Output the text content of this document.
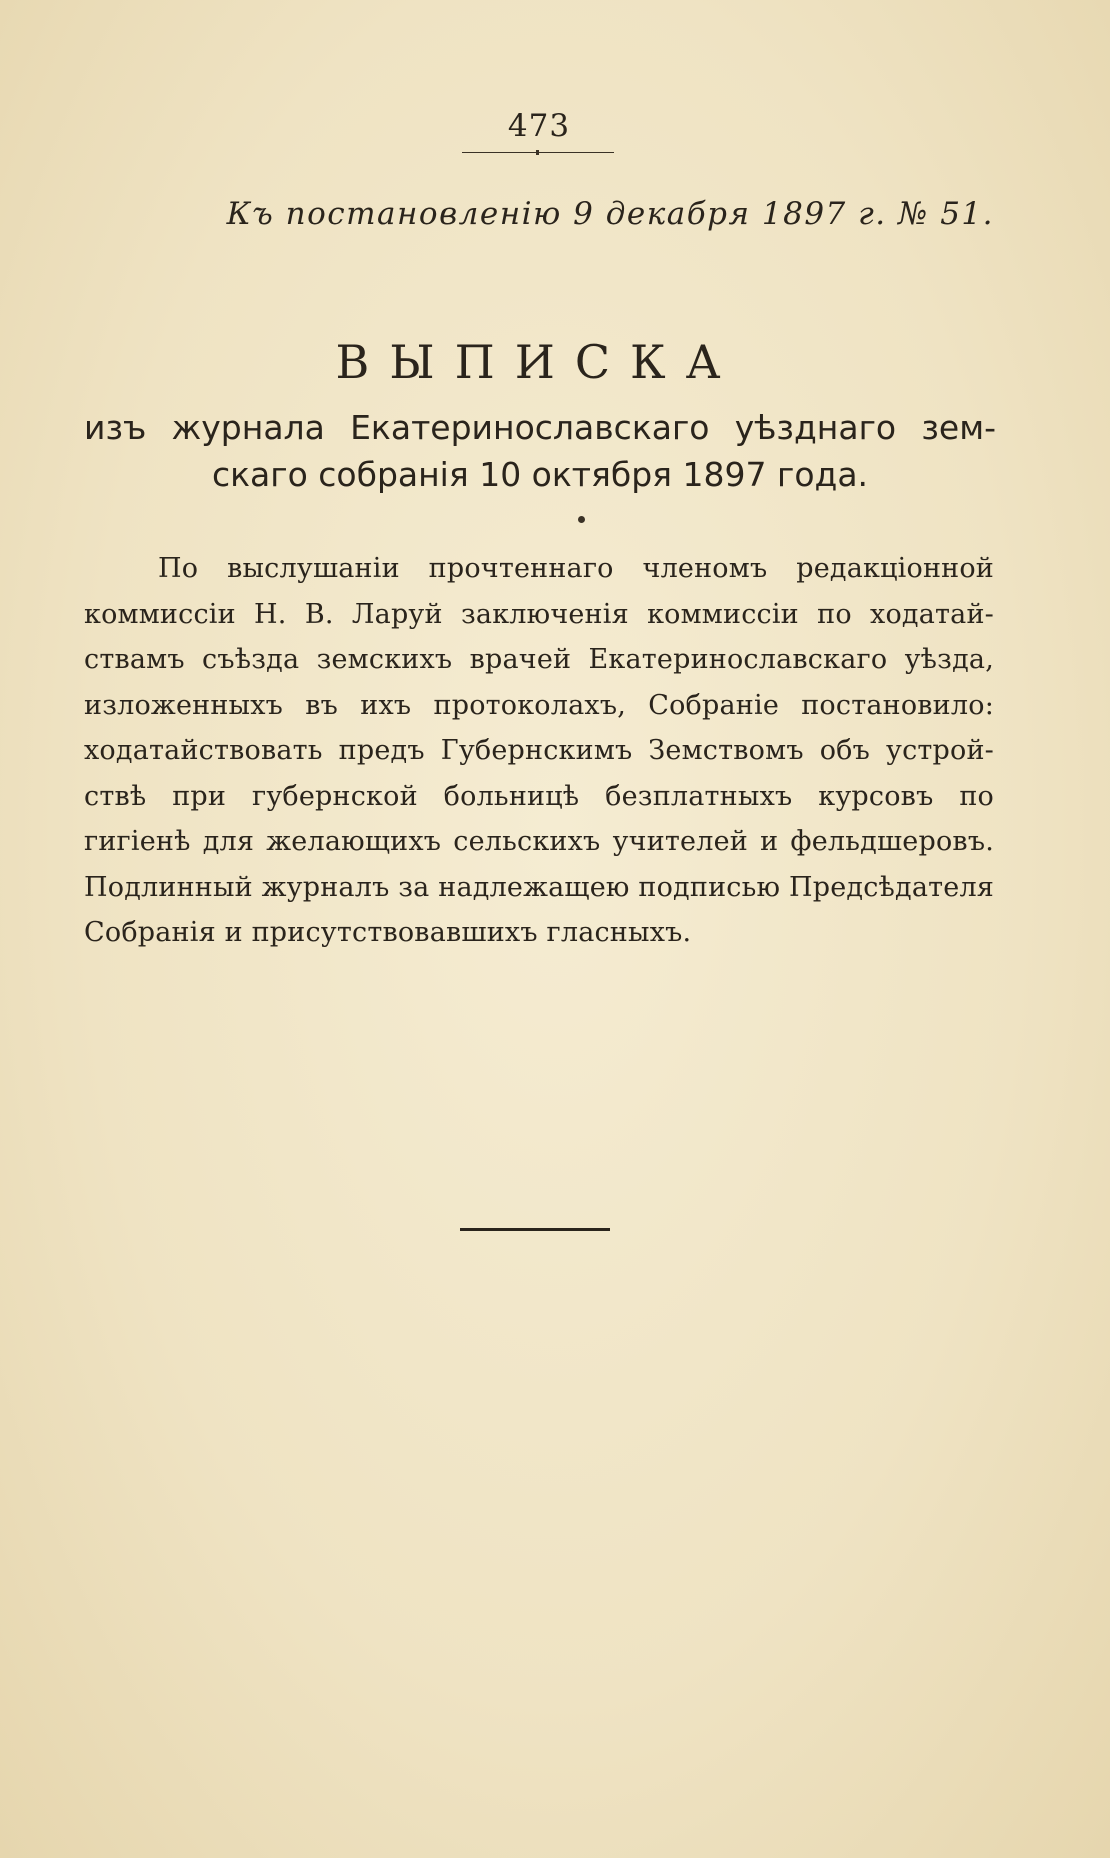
473
Къ постановленію 9 декабря 1897 г. № 51.
ВЫПИСКА
изъ журнала Екатеринославскаго уѣзднаго зем-
скаго собранія 10 октября 1897 года.
По выслушаніи прочтеннаго членомъ редакціонной
коммиссіи Н. В. Ларуй заключенія коммиссіи по ходатай-
ствамъ съѣзда земскихъ врачей Екатеринославскаго уѣзда,
изложенныхъ въ ихъ протоколахъ, Собраніе постановило:
ходатайствовать предъ Губернскимъ Земствомъ объ устрой-
ствѣ при губернской больницѣ безплатныхъ курсовъ по
гигіенѣ для желающихъ сельскихъ учителей и фельдшеровъ.
Подлинный журналъ за надлежащею подписью Предсѣдателя
Собранія и присутствовавшихъ гласныхъ.
